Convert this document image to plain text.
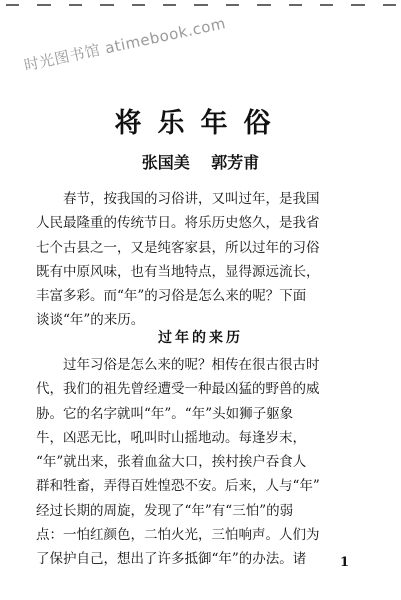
时光图书馆 atimebook.com
将乐年俗
张国美 郭芳甫
春节，按我国的习俗讲，又叫过年，是我国
人民最隆重的传统节日。将乐历史悠久，是我省
七个古县之一，又是纯客家县，所以过年的习俗
既有中原风味，也有当地特点，显得源远流长，
丰富多彩。而“年”的习俗是怎么来的呢？下面
谈谈“年”的来历。
过年的来历
过年习俗是怎么来的呢？相传在很古很古时
代，我们的祖先曾经遭受一种最凶猛的野兽的威
胁。它的名字就叫“年”。“年”头如狮子躯象
牛，凶恶无比，吼叫时山摇地动。每逢岁末，
“年”就出来，张着血盆大口，挨村挨户吞食人
群和牲畜，弄得百姓惶恐不安。后来，人与“年”
经过长期的周旋，发现了“年”有“三怕”的弱
点：一怕红颜色，二怕火光，三怕响声。人们为
了保护自己，想出了许多抵御“年”的办法。诸	1
